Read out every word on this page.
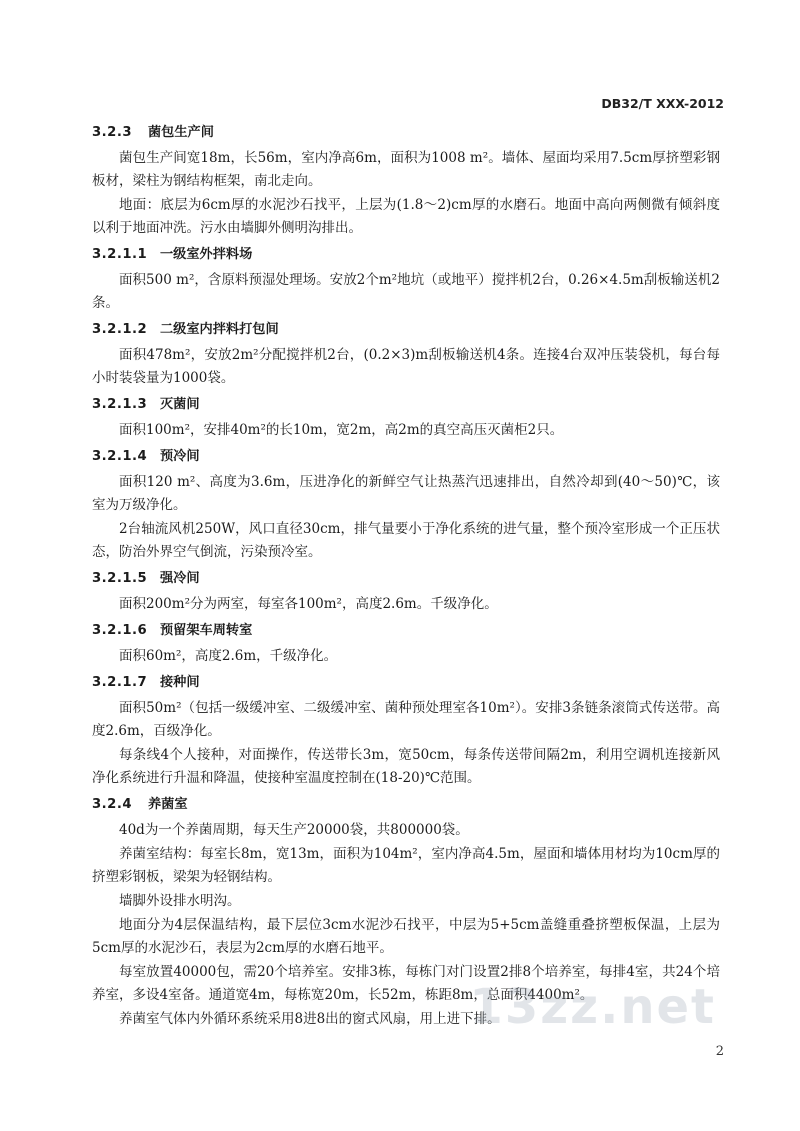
DB32/T XXX-2012
3.2.3 菌包生产间

菌包生产间宽18m，长56m，室内净高6m，面积为1008 m²。墙体、屋面均采用7.5cm厚挤塑彩钢板材，梁柱为钢结构框架，南北走向。

地面：底层为6cm厚的水泥沙石找平，上层为(1.8～2)cm厚的水磨石。地面中高向两侧微有倾斜度以利于地面冲洗。污水由墙脚外侧明沟排出。

3.2.1.1 一级室外拌料场

面积500 m²，含原料预湿处理场。安放2个m²地坑（或地平）搅拌机2台，0.26×4.5m刮板输送机2条。

3.2.1.2 二级室内拌料打包间

面积478m²，安放2m²分配搅拌机2台，(0.2×3)m刮板输送机4条。连接4台双冲压装袋机，每台每小时装袋量为1000袋。

3.2.1.3 灭菌间

面积100m²，安排40m²的长10m，宽2m，高2m的真空高压灭菌柜2只。

3.2.1.4 预冷间

面积120 m²、高度为3.6m，压进净化的新鲜空气让热蒸汽迅速排出，自然冷却到(40～50)℃，该室为万级净化。

2台轴流风机250W，风口直径30cm，排气量要小于净化系统的进气量，整个预冷室形成一个正压状态，防治外界空气倒流，污染预冷室。

3.2.1.5 强冷间

面积200m²分为两室，每室各100m²，高度2.6m。千级净化。

3.2.1.6 预留架车周转室

面积60m²，高度2.6m，千级净化。

3.2.1.7 接种间

面积50m²（包括一级缓冲室、二级缓冲室、菌种预处理室各10m²）。安排3条链条滚筒式传送带。高度2.6m，百级净化。

每条线4个人接种，对面操作，传送带长3m，宽50cm，每条传送带间隔2m，利用空调机连接新风净化系统进行升温和降温，使接种室温度控制在(18-20)℃范围。

3.2.4 养菌室

40d为一个养菌周期，每天生产20000袋，共800000袋。

养菌室结构：每室长8m，宽13m，面积为104m²，室内净高4.5m，屋面和墙体用材均为10cm厚的挤塑彩钢板，梁架为轻钢结构。

墙脚外设排水明沟。

地面分为4层保温结构，最下层位3cm水泥沙石找平，中层为5+5cm盖缝重叠挤塑板保温，上层为5cm厚的水泥沙石，表层为2cm厚的水磨石地平。

每室放置40000包，需20个培养室。安排3栋，每栋门对门设置2排8个培养室，每排4室，共24个培养室，多设4室备。通道宽4m，每栋宽20m，长52m，栋距8m，总面积4400m²。

养菌室气体内外循环系统采用8进8出的窗式风扇，用上进下排。

13zz.net
2
